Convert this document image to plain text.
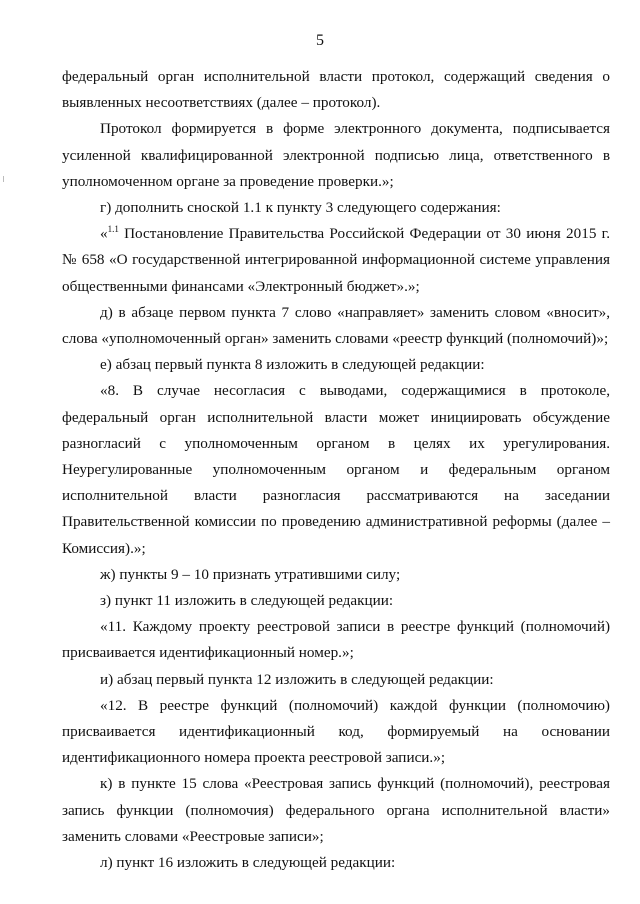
5

федеральный орган исполнительной власти протокол, содержащий сведения о выявленных несоответствиях (далее – протокол).

Протокол формируется в форме электронного документа, подписывается усиленной квалифицированной электронной подписью лица, ответственного в уполномоченном органе за проведение проверки.»;

г) дополнить сноской 1.1 к пункту 3 следующего содержания:

«$^{1.1}$ Постановление Правительства Российской Федерации от 30 июня 2015 г. № 658 «О государственной интегрированной информационной системе управления общественными финансами «Электронный бюджет».»;

д) в абзаце первом пункта 7 слово «направляет» заменить словом «вносит», слова «уполномоченный орган» заменить словами «реестр функций (полномочий)»;

е) абзац первый пункта 8 изложить в следующей редакции:

«8. В случае несогласия с выводами, содержащимися в протоколе, федеральный орган исполнительной власти может инициировать обсуждение разногласий с уполномоченным органом в целях их урегулирования. Неурегулированные уполномоченным органом и федеральным органом исполнительной власти разногласия рассматриваются на заседании Правительственной комиссии по проведению административной реформы (далее – Комиссия).»;

ж) пункты 9 – 10 признать утратившими силу;

з) пункт 11 изложить в следующей редакции:

«11. Каждому проекту реестровой записи в реестре функций (полномочий) присваивается идентификационный номер.»;

и) абзац первый пункта 12 изложить в следующей редакции:

«12. В реестре функций (полномочий) каждой функции (полномочию) присваивается идентификационный код, формируемый на основании идентификационного номера проекта реестровой записи.»;

к) в пункте 15 слова «Реестровая запись функций (полномочий), реестровая запись функции (полномочия) федерального органа исполнительной власти» заменить словами «Реестровые записи»;

л) пункт 16 изложить в следующей редакции:
